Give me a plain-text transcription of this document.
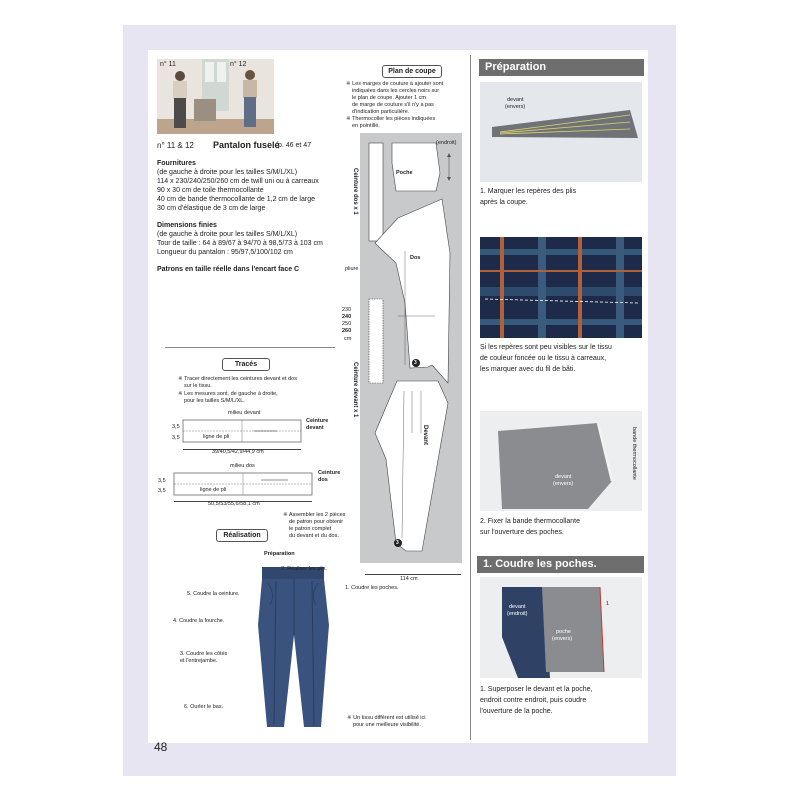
n° 11	n° 12
n° 11 & 12 Pantalon fuselé
p. 46 et 47
Fournitures
(de gauche à droite pour les tailles S/M/L/XL)
114 x 230/240/250/260 cm de twill uni ou à carreaux
90 x 30 cm de toile thermocollante
40 cm de bande thermocollante de 1,2 cm de large
30 cm d'élastique de 3 cm de large
Dimensions finies
(de gauche à droite pour les tailles S/M/L/XL)
Tour de taille : 64 à 89/67 à 94/70 à 98,5/73 à 103 cm
Longueur du pantalon : 95/97,5/100/102 cm
Patrons en taille réelle dans l'encart face C
Plan de coupe
※ Les marges de couture à ajouter sont
indiquées dans les cercles noirs sur
le plan de coupe. Ajouter 1 cm
de marge de couture s'il n'y a pas
d'indication particulière.
※ Thermocoller les pièces indiquées
en pointillé.
(endroit)
Poche
Dos
pliure
3
3
Devant
Ceinture dos x 1
Ceinture devant x 1
230
240
250
260
cm
114 cm
Tracés
※ Tracer directement les ceintures devant et dos
sur le tissu.
※ Les mesures sont, de gauche à droite,
pour les tailles S/M/L/XL.
milieu devant
Ceinture devant
3,5
3,5	ligne de pli
39/40,5/42,9/44,9 cm
milieu dos
Ceinture dos
3,5
3,5	ligne de pli
50,5/53/55,6/58,1 cm
※ Assembler les 2 pièces
de patron pour obtenir
le patron complet
du devant et du dos.
Réalisation
Préparation
2. Réaliser les plis.
5. Coudre la ceinture.
1. Coudre les poches.
4. Coudre la fourche.
3. Coudre les côtés
et l'entrejambe.
6. Ourler le bas.
※ Un tissu différent est utilisé ici
pour une meilleure visibilité.
Préparation
devant
(envers)
1. Marquer les repères des plis
après la coupe.
Si les repères sont peu visibles sur le tissu
de couleur foncée ou le tissu à carreaux,
les marquer avec du fil de bâti.
devant
(envers)
bande thermocollante
2. Fixer la bande thermocollante
sur l'ouverture des poches.
1. Coudre les poches.
devant
(endroit)
poche
(envers)
1
1. Superposer le devant et la poche,
endroit contre endroit, puis coudre
l'ouverture de la poche.
48
